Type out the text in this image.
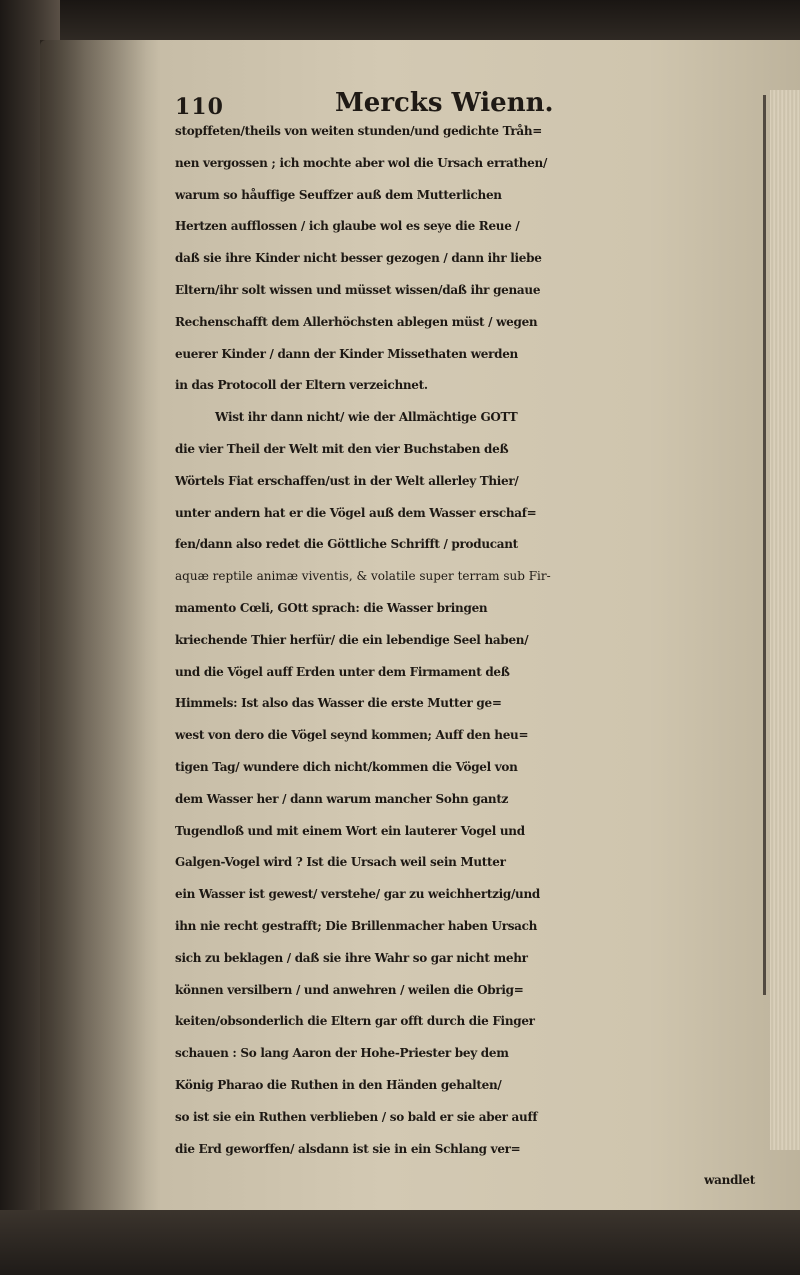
110	Mercks Wienn.
stopffeten/theils von weiten stunden/und gedichte Tråh=
nen vergossen ; ich mochte aber wol die Ursach errathen/
warum so håuffige Seuffzer auß dem Mutterlichen
Hertzen aufflossen / ich glaube wol es seye die Reue /
daß sie ihre Kinder nicht besser gezogen / dann ihr liebe
Eltern/ihr solt wissen und müsset wissen/daß ihr genaue
Rechenschafft dem Allerhöchsten ablegen müst / wegen
euerer Kinder / dann der Kinder Missethaten werden
in das Protocoll der Eltern verzeichnet.
Wist ihr dann nicht/ wie der Allmächtige GOTT
die vier Theil der Welt mit den vier Buchstaben deß
Wörtels Fiat erschaffen/ust in der Welt allerley Thier/
unter andern hat er die Vögel auß dem Wasser erschaf=
fen/dann also redet die Göttliche Schrifft / producant
aquæ reptile animæ viventis, & volatile super terram sub Fir-
mamento Cœli, GOtt sprach: die Wasser bringen
kriechende Thier herfür/ die ein lebendige Seel haben/
und die Vögel auff Erden unter dem Firmament deß
Himmels: Ist also das Wasser die erste Mutter ge=
west von dero die Vögel seynd kommen; Auff den heu=
tigen Tag/ wundere dich nicht/kommen die Vögel von
dem Wasser her / dann warum mancher Sohn gantz
Tugendloß und mit einem Wort ein lauterer Vogel und
Galgen-Vogel wird ? Ist die Ursach weil sein Mutter
ein Wasser ist gewest/ verstehe/ gar zu weichhertzig/und
ihn nie recht gestrafft; Die Brillenmacher haben Ursach
sich zu beklagen / daß sie ihre Wahr so gar nicht mehr
können versilbern / und anwehren / weilen die Obrig=
keiten/obsonderlich die Eltern gar offt durch die Finger
schauen : So lang Aaron der Hohe-Priester bey dem
König Pharao die Ruthen in den Händen gehalten/
so ist sie ein Ruthen verblieben / so bald er sie aber auff
die Erd geworffen/ alsdann ist sie in ein Schlang ver=
wandlet
